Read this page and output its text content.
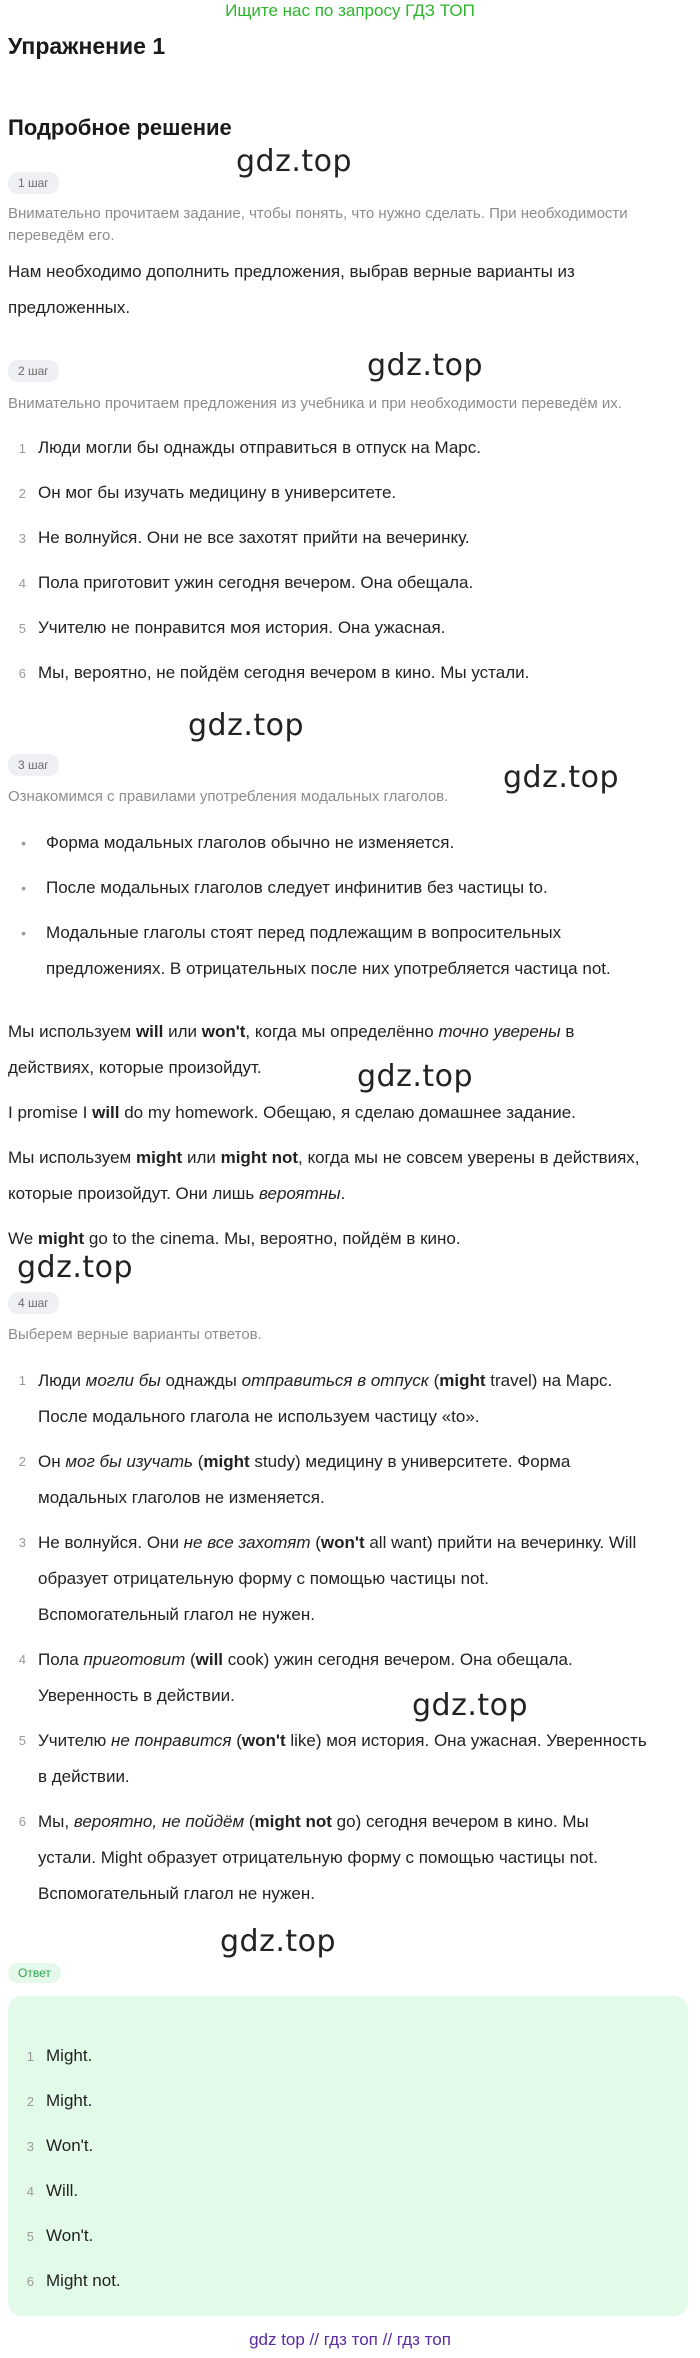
Ищите нас по запросу ГДЗ ТОП
Упражнение 1
Подробное решение
gdz.top
gdz.top
gdz.top
gdz.top
gdz.top
gdz.top
gdz.top
gdz.top
1 шаг
Внимательно прочитаем задание, чтобы понять, что нужно сделать. При необходимости переведём его.
Нам необходимо дополнить предложения, выбрав верные варианты из предложенных.
2 шаг
Внимательно прочитаем предложения из учебника и при необходимости переведём их.
1 Люди могли бы однажды отправиться в отпуск на Марс.
2 Он мог бы изучать медицину в университете.
3 Не волнуйся. Они не все захотят прийти на вечеринку.
4 Пола приготовит ужин сегодня вечером. Она обещала.
5 Учителю не понравится моя история. Она ужасная.
6 Мы, вероятно, не пойдём сегодня вечером в кино. Мы устали.
3 шаг
Ознакомимся с правилами употребления модальных глаголов.
• Форма модальных глаголов обычно не изменяется.
• После модальных глаголов следует инфинитив без частицы to.
• Модальные глаголы стоят перед подлежащим в вопросительных
предложениях. В отрицательных после них употребляется частица not.
Мы используем will или won't, когда мы определённо точно уверены в
действиях, которые произойдут.
I promise I will do my homework. Обещаю, я сделаю домашнее задание.
Мы используем might или might not, когда мы не совсем уверены в действиях,
которые произойдут. Они лишь вероятны.
We might go to the cinema. Мы, вероятно, пойдём в кино.
4 шаг
Выберем верные варианты ответов.
1 Люди могли бы однажды отправиться в отпуск (might travel) на Марс.
После модального глагола не используем частицу «to».
2 Он мог бы изучать (might study) медицину в университете. Форма
модальных глаголов не изменяется.
3 Не волнуйся. Они не все захотят (won't all want) прийти на вечеринку. Will
образует отрицательную форму с помощью частицы not.
Вспомогательный глагол не нужен.
4 Пола приготовит (will cook) ужин сегодня вечером. Она обещала.
Уверенность в действии.
5 Учителю не понравится (won't like) моя история. Она ужасная. Уверенность
в действии.
6 Мы, вероятно, не пойдём (might not go) сегодня вечером в кино. Мы
устали. Might образует отрицательную форму с помощью частицы not.
Вспомогательный глагол не нужен.
Ответ
1 Might.
2 Might.
3 Won't.
4 Will.
5 Won't.
6 Might not.
gdz top // гдз топ // гдз топ
